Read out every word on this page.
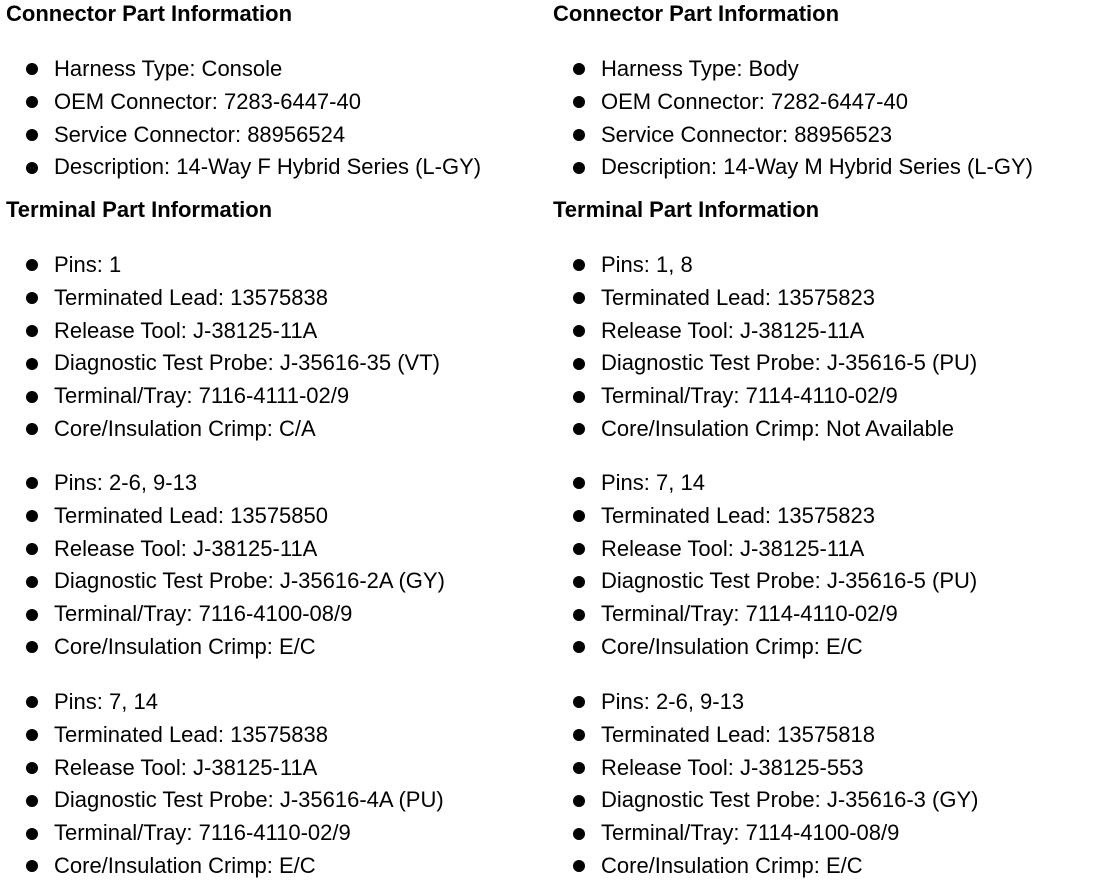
Connector Part Information
Harness Type: Console
OEM Connector: 7283-6447-40
Service Connector: 88956524
Description: 14-Way F Hybrid Series (L-GY)
Terminal Part Information
Pins: 1
Terminated Lead: 13575838
Release Tool: J-38125-11A
Diagnostic Test Probe: J-35616-35 (VT)
Terminal/Tray: 7116-4111-02/9
Core/Insulation Crimp: C/A
Pins: 2-6, 9-13
Terminated Lead: 13575850
Release Tool: J-38125-11A
Diagnostic Test Probe: J-35616-2A (GY)
Terminal/Tray: 7116-4100-08/9
Core/Insulation Crimp: E/C
Pins: 7, 14
Terminated Lead: 13575838
Release Tool: J-38125-11A
Diagnostic Test Probe: J-35616-4A (PU)
Terminal/Tray: 7116-4110-02/9
Core/Insulation Crimp: E/C
Connector Part Information
Harness Type: Body
OEM Connector: 7282-6447-40
Service Connector: 88956523
Description: 14-Way M Hybrid Series (L-GY)
Terminal Part Information
Pins: 1, 8
Terminated Lead: 13575823
Release Tool: J-38125-11A
Diagnostic Test Probe: J-35616-5 (PU)
Terminal/Tray: 7114-4110-02/9
Core/Insulation Crimp: Not Available
Pins: 7, 14
Terminated Lead: 13575823
Release Tool: J-38125-11A
Diagnostic Test Probe: J-35616-5 (PU)
Terminal/Tray: 7114-4110-02/9
Core/Insulation Crimp: E/C
Pins: 2-6, 9-13
Terminated Lead: 13575818
Release Tool: J-38125-553
Diagnostic Test Probe: J-35616-3 (GY)
Terminal/Tray: 7114-4100-08/9
Core/Insulation Crimp: E/C
